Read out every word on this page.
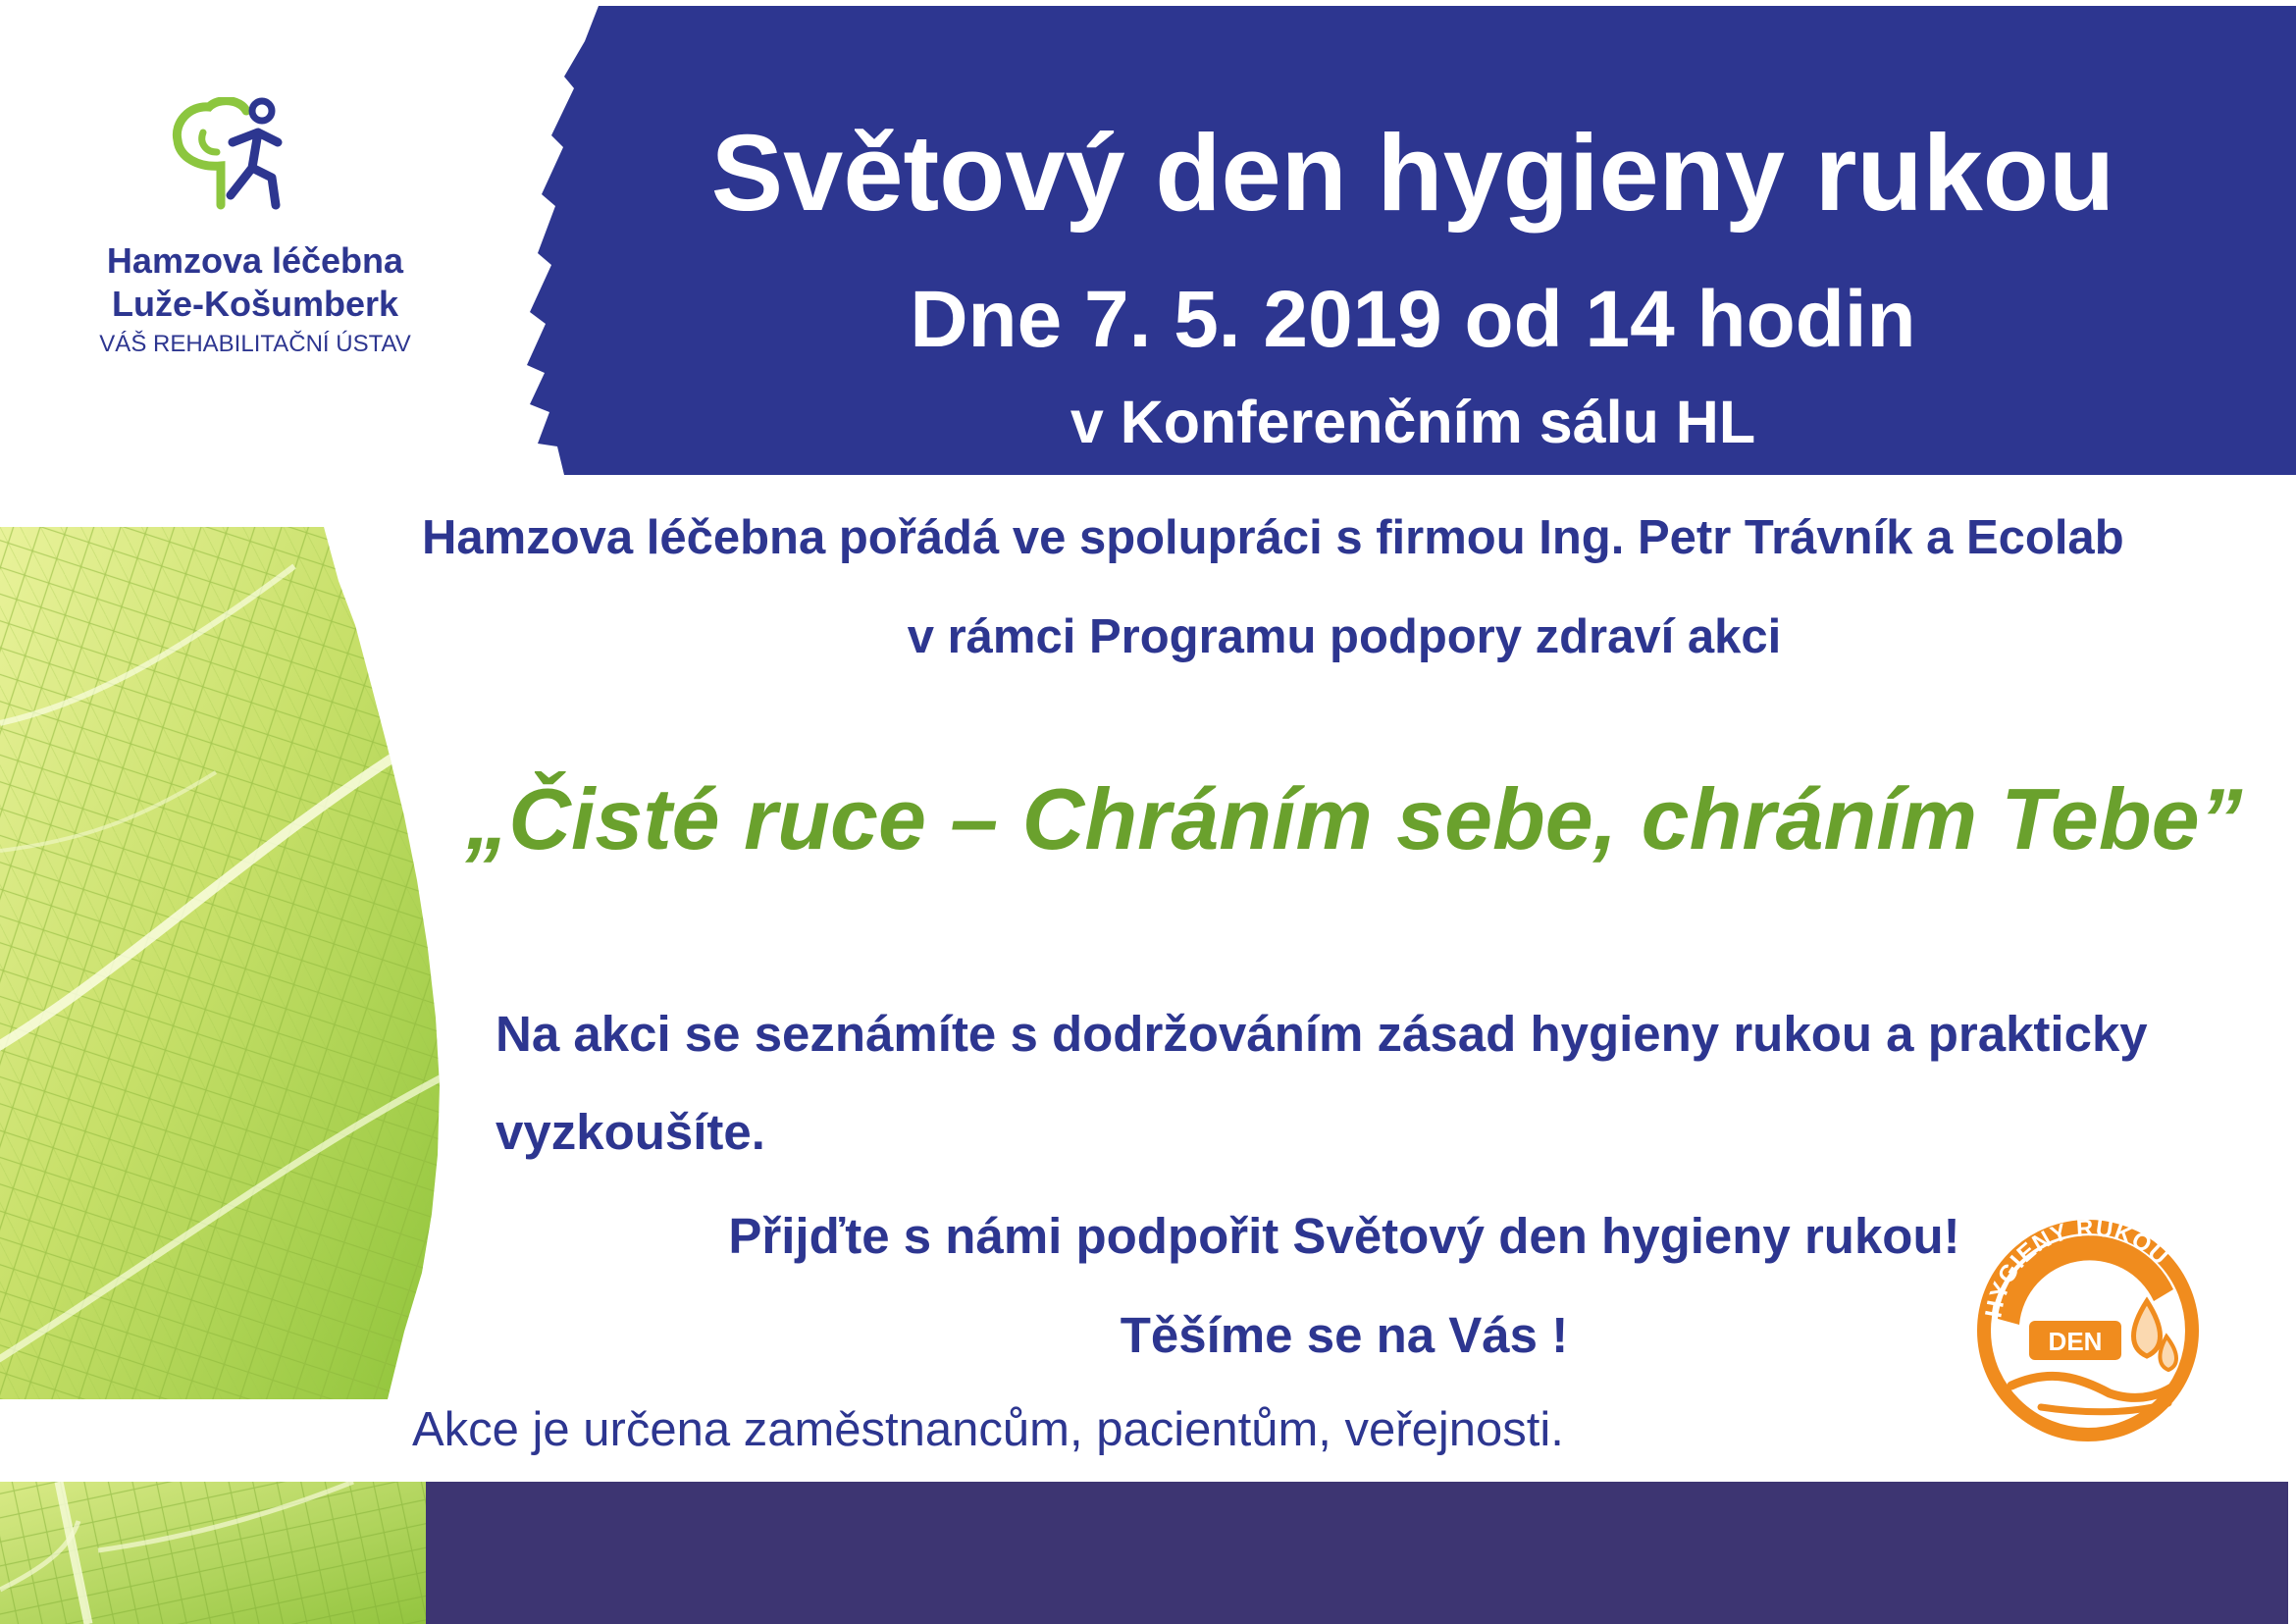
Světový den hygieny rukou
Dne 7. 5. 2019 od 14 hodin
v Konferenčním sálu HL
Hamzova léčebna
Luže-Košumberk
VÁŠ REHABILITAČNÍ ÚSTAV
Hamzova léčebna pořádá ve spolupráci s firmou Ing. Petr Trávník a Ecolab
v rámci Programu podpory zdraví akci
„Čisté ruce – Chráním sebe, chráním Tebe”
Na akci se seznámíte s dodržováním zásad hygieny rukou a prakticky
vyzkoušíte.
Přijďte s námi podpořit Světový den hygieny rukou!
Těšíme se na Vás !
Akce je určena zaměstnancům, pacientům, veřejnosti.
HYGIENY RUKOU
DEN
